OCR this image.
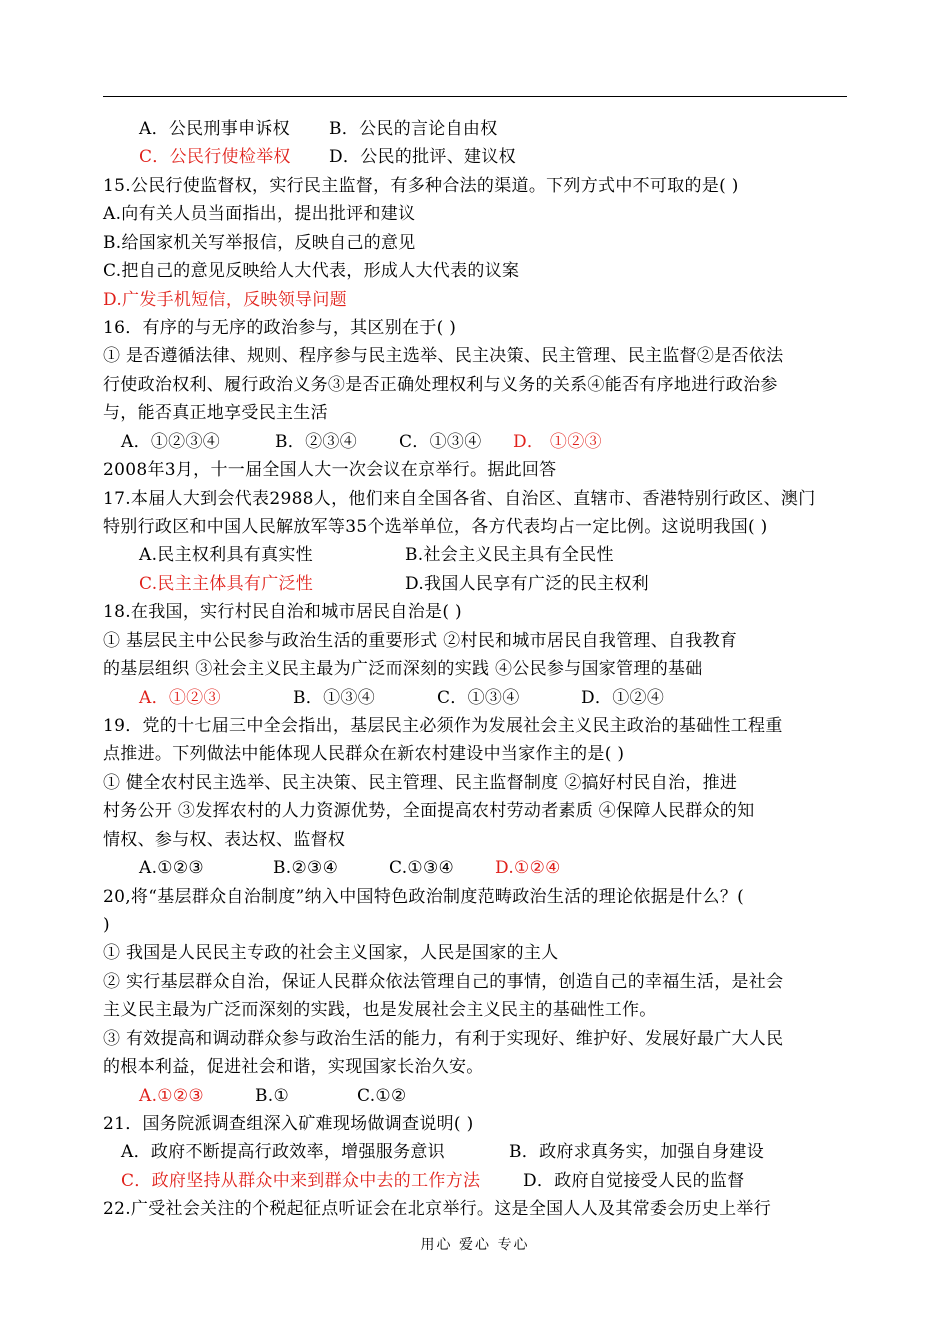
A．公民刑事申诉权 B．公民的言论自由权
C．公民行使检举权 D．公民的批评、建议权
15.公民行使监督权，实行民主监督，有多种合法的渠道。下列方式中不可取的是( )
A.向有关人员当面指出，提出批评和建议
B.给国家机关写举报信，反映自己的意见
C.把自己的意见反映给人大代表，形成人大代表的议案
D.广发手机短信，反映领导问题
16．有序的与无序的政治参与，其区别在于( )
① 是否遵循法律、规则、程序参与民主选举、民主决策、民主管理、民主监督②是否依法
行使政治权利、履行政治义务③是否正确处理权利与义务的关系④能否有序地进行政治参
与，能否真正地享受民主生活
A．①②③④	B．②③④ C．①③④ D． ①②③
2008年3月，十一届全国人大一次会议在京举行。据此回答
17.本届人大到会代表2988人，他们来自全国各省、自治区、直辖市、香港特别行政区、澳门
特别行政区和中国人民解放军等35个选举单位，各方代表均占一定比例。这说明我国( )
A.民主权利具有真实性	B.社会主义民主具有全民性
C.民主主体具有广泛性	D.我国人民享有广泛的民主权利
18.在我国，实行村民自治和城市居民自治是( )
① 基层民主中公民参与政治生活的重要形式 ②村民和城市居民自我管理、自我教育
的基层组织 ③社会主义民主最为广泛而深刻的实践 ④公民参与国家管理的基础
A．①②③	B．①③④	C．①③④	D．①②④
19．党的十七届三中全会指出，基层民主必须作为发展社会主义民主政治的基础性工程重
点推进。下列做法中能体现人民群众在新农村建设中当家作主的是( )
① 健全农村民主选举、民主决策、民主管理、民主监督制度 ②搞好村民自治，推进
村务公开 ③发挥农村的人力资源优势，全面提高农村劳动者素质 ④保障人民群众的知
情权、参与权、表达权、监督权
A.①②③	B.②③④	C.①③④ D.①②④
20,将“基层群众自治制度”纳入中国特色政治制度范畴政治生活的理论依据是什么？(
)
① 我国是人民民主专政的社会主义国家，人民是国家的主人
② 实行基层群众自治，保证人民群众依法管理自己的事情，创造自己的幸福生活，是社会
主义民主最为广泛而深刻的实践，也是发展社会主义民主的基础性工作。
③ 有效提高和调动群众参与政治生活的能力，有利于实现好、维护好、发展好最广大人民
的根本利益，促进社会和谐，实现国家长治久安。
A.①②③	B.①	C.①②
21．国务院派调查组深入矿难现场做调查说明( )
A．政府不断提高行政效率，增强服务意识	B．政府求真务实，加强自身建设
C．政府坚持从群众中来到群众中去的工作方法	D．政府自觉接受人民的监督
22.广受社会关注的个税起征点听证会在北京举行。这是全国人人及其常委会历史上举行
用心 爱心 专心
